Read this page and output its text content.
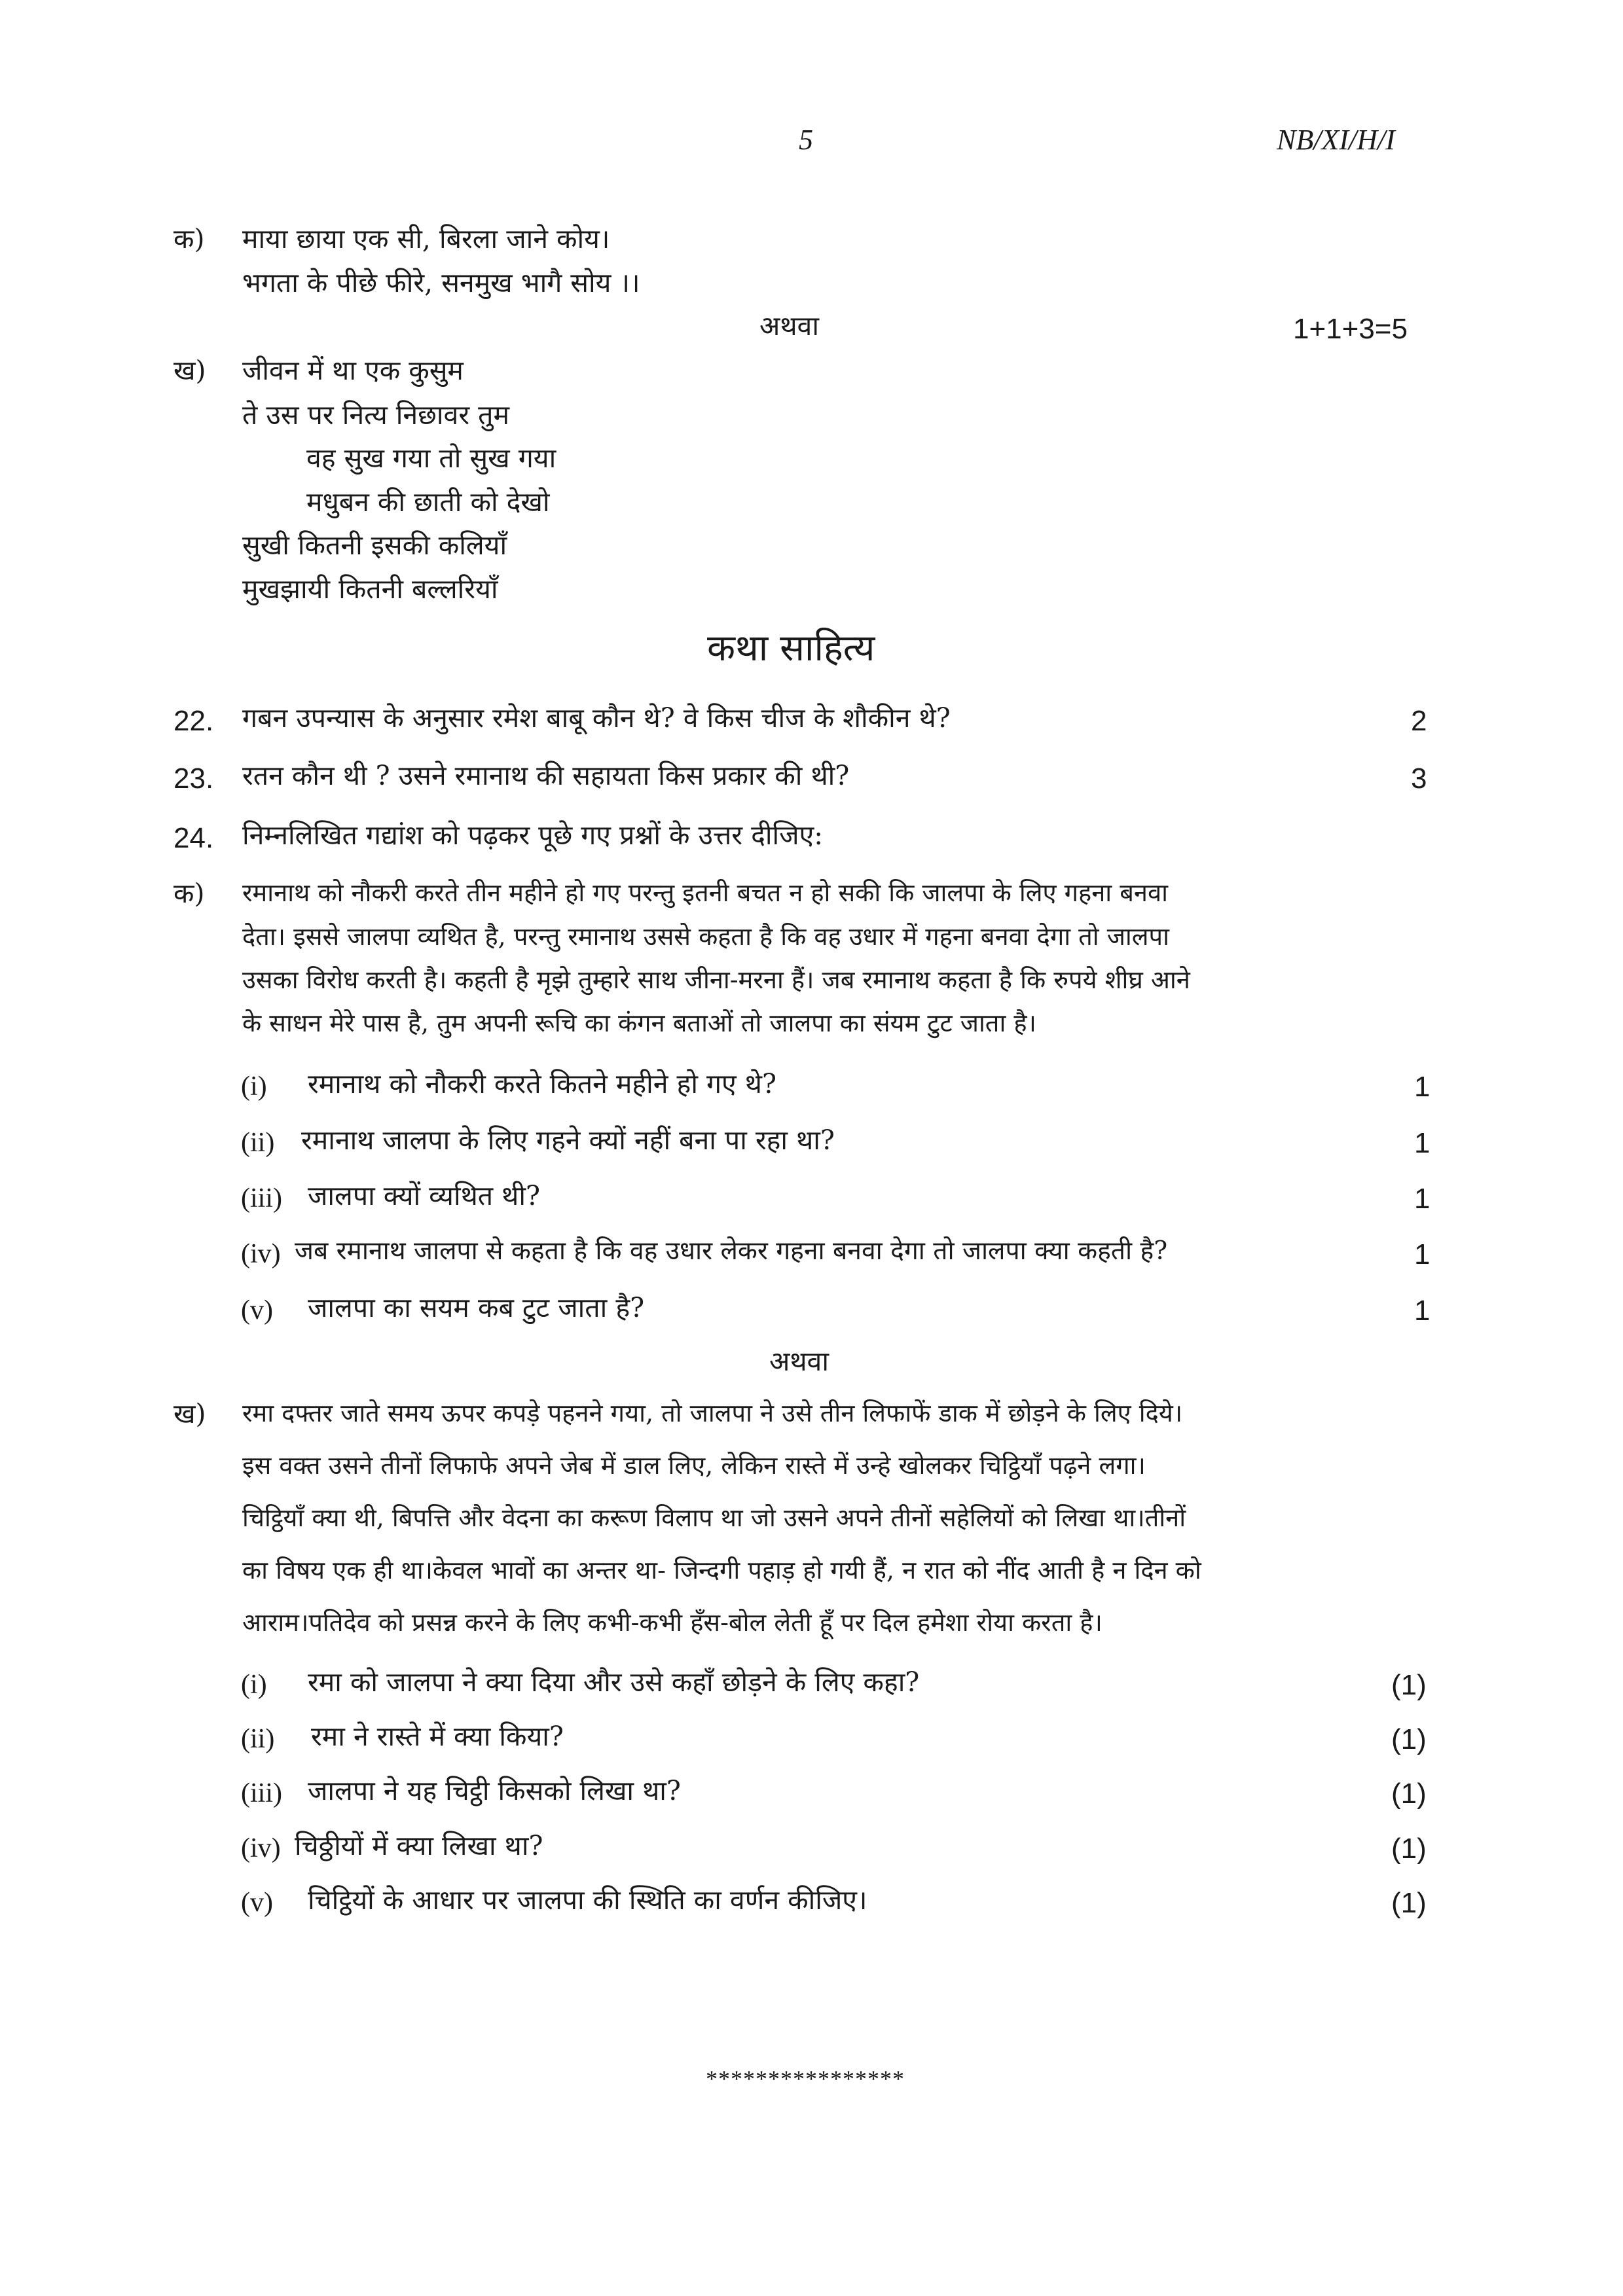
5	NB/XI/H/I
क) माया छाया एक सी, बिरला जाने कोय।
भगता के पीछे फीरे, सनमुख भागै सोय ।।
अथवा	1+1+3=5
ख) जीवन में था एक कुसुम
ते उस पर नित्य निछावर तुम
वह सुख गया तो सुख गया
मधुबन की छाती को देखो
सुखी कितनी इसकी कलियाँ
मुखझायी कितनी बल्लरियाँ
कथा साहित्य
22. गबन उपन्यास के अनुसार रमेश बाबू कौन थे? वे किस चीज के शौकीन थे?	2
23. रतन कौन थी ? उसने रमानाथ की सहायता किस प्रकार की थी?	3
24. निम्नलिखित गद्यांश को पढ़कर पूछे गए प्रश्नों के उत्तर दीजिए:
क) रमानाथ को नौकरी करते तीन महीने हो गए परन्तु इतनी बचत न हो सकी कि जालपा के लिए गहना बनवा
देता। इससे जालपा व्यथित है, परन्तु रमानाथ उससे कहता है कि वह उधार में गहना बनवा देगा तो जालपा
उसका विरोध करती है। कहती है मृझे तुम्हारे साथ जीना-मरना हैं। जब रमानाथ कहता है कि रुपये शीघ्र आने
के साधन मेरे पास है, तुम अपनी रूचि का कंगन बताओं तो जालपा का संयम टुट जाता है।
(i) रमानाथ को नौकरी करते कितने महीने हो गए थे?	1
(ii) रमानाथ जालपा के लिए गहने क्यों नहीं बना पा रहा था?	1
(iii) जालपा क्यों व्यथित थी?	1
(iv) जब रमानाथ जालपा से कहता है कि वह उधार लेकर गहना बनवा देगा तो जालपा क्या कहती है?	1
(v) जालपा का सयम कब टुट जाता है?	1
अथवा
ख) रमा दफ्तर जाते समय ऊपर कपड़े पहनने गया, तो जालपा ने उसे तीन लिफाफें डाक में छोड़ने के लिए दिये।
इस वक्त उसने तीनों लिफाफे अपने जेब में डाल लिए, लेकिन रास्ते में उन्हे खोलकर चिट्ठियाँ पढ़ने लगा।
चिट्ठियाँ क्या थी, बिपत्ति और वेदना का करूण विलाप था जो उसने अपने तीनों सहेलियों को लिखा था।तीनों
का विषय एक ही था।केवल भावों का अन्तर था- जिन्दगी पहाड़ हो गयी हैं, न रात को नींद आती है न दिन को
आराम।पतिदेव को प्रसन्न करने के लिए कभी-कभी हँस-बोल लेती हूँ पर दिल हमेशा रोया करता है।
(i) रमा को जालपा ने क्या दिया और उसे कहाँ छोड़ने के लिए कहा?	(1)
(ii) रमा ने रास्ते में क्या किया?	(1)
(iii) जालपा ने यह चिट्ठी किसको लिखा था?	(1)
(iv) चिठ्ठीयों में क्या लिखा था?	(1)
(v) चिट्ठियों के आधार पर जालपा की स्थिति का वर्णन कीजिए।	(1)
****************
